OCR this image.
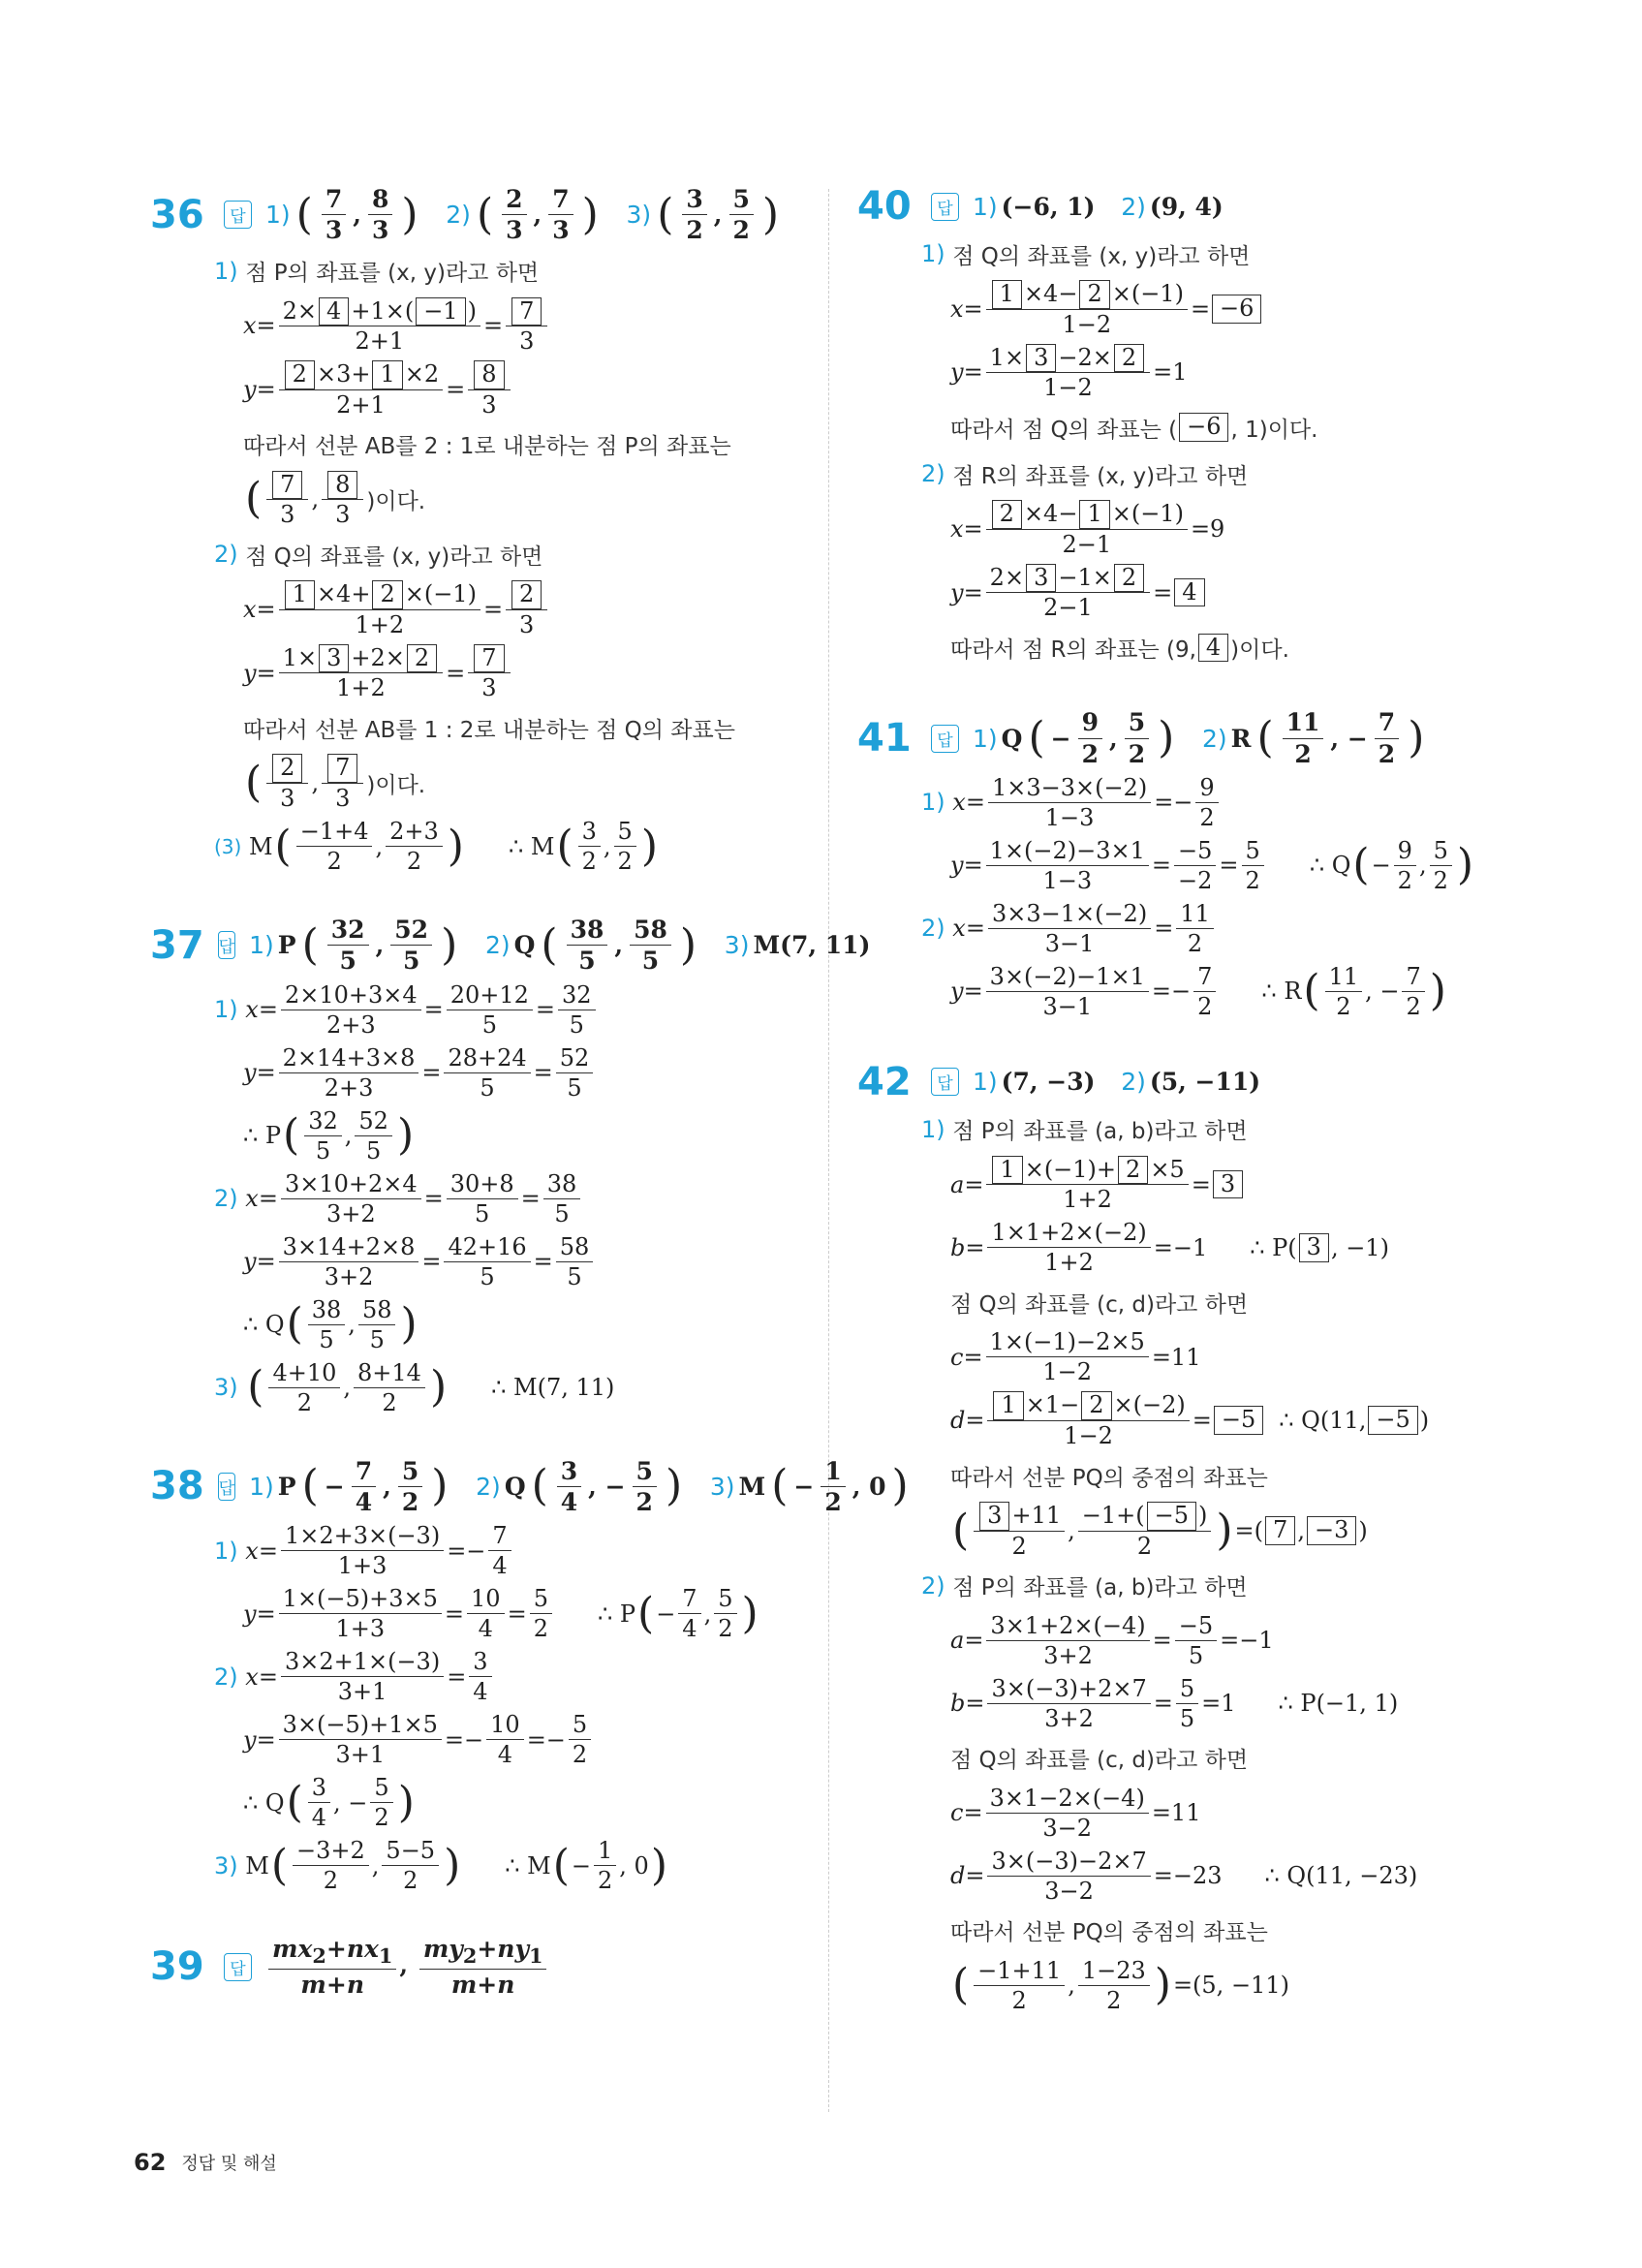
36	답 1) ( $\frac{7}{3}$ , $\frac{8}{3}$ )
2) ( $\frac{2}{3}$ , $\frac{7}{3}$ )
3) ( $\frac{3}{2}$ , $\frac{5}{2}$ )
1)
점 P의 좌표를 (x, y)라고 하면
$x = \frac{2\times 4 +1\times( -1 )}{2+1} = \frac{7}{3}$
$y = \frac{2 \times 3+ 1 \times 2}{2+1} = \frac{8}{3}$
따라서 선분 AB를 2 : 1로 내분하는 점 P의 좌표는
( $\frac{7}{3}$ , $\frac{8}{3}$ )이다.
2)
점 Q의 좌표를 (x, y)라고 하면
$x = \frac{1 \times 4+ 2 \times(-1)}{1+2} = \frac{2}{3}$
$y = \frac{1\times 3 +2\times 2}{1+2} = \frac{7}{3}$
따라서 선분 AB를 1 : 2로 내분하는 점 Q의 좌표는
( $\frac{2}{3}$ , $\frac{7}{3}$ )이다.
(3) M ( $\frac{-1+4}{2}$ , $\frac{2+3}{2}$ ) ∴ M ( $\frac{3}{2}$ , $\frac{5}{2}$ )
37 답 1) P ( $\frac{32}{5}$ , $\frac{52}{5}$ )
2) Q ( $\frac{38}{5}$ , $\frac{58}{5}$ )
3) M(7, 11)
1)
$x = \frac{2\times 10+3\times 4}{2+3} = \frac{20+12}{5} = \frac{32}{5}$
$y = \frac{2\times 14+3\times 8}{2+3} = \frac{28+24}{5} = \frac{52}{5}$
∴ P ( $\frac{32}{5}$ , $\frac{52}{5}$ )
2)
$x = \frac{3\times 10+2\times 4}{3+2} = \frac{30+8}{5} = \frac{38}{5}$
$y = \frac{3\times 14+2\times 8}{3+2} = \frac{42+16}{5} = \frac{58}{5}$
∴ Q ( $\frac{38}{5}$ , $\frac{58}{5}$ )
3)
( $\frac{4+10}{2}$ , $\frac{8+14}{2}$ ) ∴ M(7, 11)
38 답 1) P ( − $\frac{7}{4}$ , $\frac{5}{2}$ )
2) Q ( $\frac{3}{4}$ , − $\frac{5}{2}$ )
3) M ( − $\frac{1}{2}$ , 0 )
1)
$x = \frac{1\times 2+3\times(-3)}{1+3} =- \frac{7}{4}$
$y = \frac{1\times(-5)+3\times 5}{1+3} = \frac{10}{4} = \frac{5}{2}$ ∴ P ( − $\frac{7}{4}$ , $\frac{5}{2}$ )
2)
$x = \frac{3\times 2+1\times(-3)}{3+1} = \frac{3}{4}$
$y = \frac{3\times(-5)+1\times 5}{3+1} =- \frac{10}{4} =- \frac{5}{2}$
∴ Q ( $\frac{3}{4}$ , − $\frac{5}{2}$ )
3) M ( $\frac{-3+2}{2}$ , $\frac{5-5}{2}$ ) ∴ M ( − $\frac{1}{2}$ , 0 )
39	답 $\frac{mx_2+nx_1}{m+n}$ , $\frac{my_2+ny_1}{m+n}$
40	답 1) (−6, 1)
2) (9, 4)
1)
점 Q의 좌표를 (x, y)라고 하면
$x = \frac{1 \times 4- 2 \times(-1)}{1-2} = -6$
$y = \frac{1\times 3 -2\times 2}{1-2} =1$
따라서 점 Q의 좌표는 ( −6 , 1)이다.
2)
점 R의 좌표를 (x, y)라고 하면
$x = \frac{2 \times 4- 1 \times(-1)}{2-1} =9$
$y = \frac{2\times 3 -1\times 2}{2-1} = 4$
따라서 점 R의 좌표는 (9, 4 )이다.
41	답 1) Q ( − $\frac{9}{2}$ , $\frac{5}{2}$ )
2) R ( $\frac{11}{2}$ , − $\frac{7}{2}$ )
1)
$x = \frac{1\times 3-3\times(-2)}{1-3} =- \frac{9}{2}$
$y = \frac{1\times(-2)-3\times 1}{1-3} = \frac{-5}{-2} = \frac{5}{2}$ ∴ Q ( − $\frac{9}{2}$ , $\frac{5}{2}$ )
2)
$x = \frac{3\times 3-1\times(-2)}{3-1} = \frac{11}{2}$
$y = \frac{3\times(-2)-1\times 1}{3-1} =- \frac{7}{2}$ ∴ R ( $\frac{11}{2}$ , − $\frac{7}{2}$ )
42	답 1) (7, −3)
2) (5, −11)
1)
점 P의 좌표를 (a, b)라고 하면
$a = \frac{1 \times(-1)+ 2 \times 5}{1+2} = 3$
$b = \frac{1\times 1+2\times(-2)}{1+2} =-1$ ∴ P( 3 , −1)
점 Q의 좌표를 (c, d)라고 하면
$c = \frac{1\times(-1)-2\times 5}{1-2} =11$
$d = \frac{1 \times 1- 2 \times(-2)}{1-2} = -5$	∴ Q(11, −5 )
따라서 선분 PQ의 중점의 좌표는
( $\frac{3 +11}{2}$ , $\frac{-1+( -5 )}{2}$ ) =( 7 , −3 )
2)
점 P의 좌표를 (a, b)라고 하면
$a = \frac{3\times 1+2\times(-4)}{3+2} = \frac{-5}{5} =-1$
$b = \frac{3\times(-3)+2\times 7}{3+2} = \frac{5}{5} =1$ ∴ P(−1, 1)
점 Q의 좌표를 (c, d)라고 하면
$c = \frac{3\times 1-2\times(-4)}{3-2} =11$
$d = \frac{3\times(-3)-2\times 7}{3-2} =-23$ ∴ Q(11, −23)
따라서 선분 PQ의 중점의 좌표는
( $\frac{-1+11}{2}$ , $\frac{1-23}{2}$ ) =(5, −11)
62 정답 및 해설
